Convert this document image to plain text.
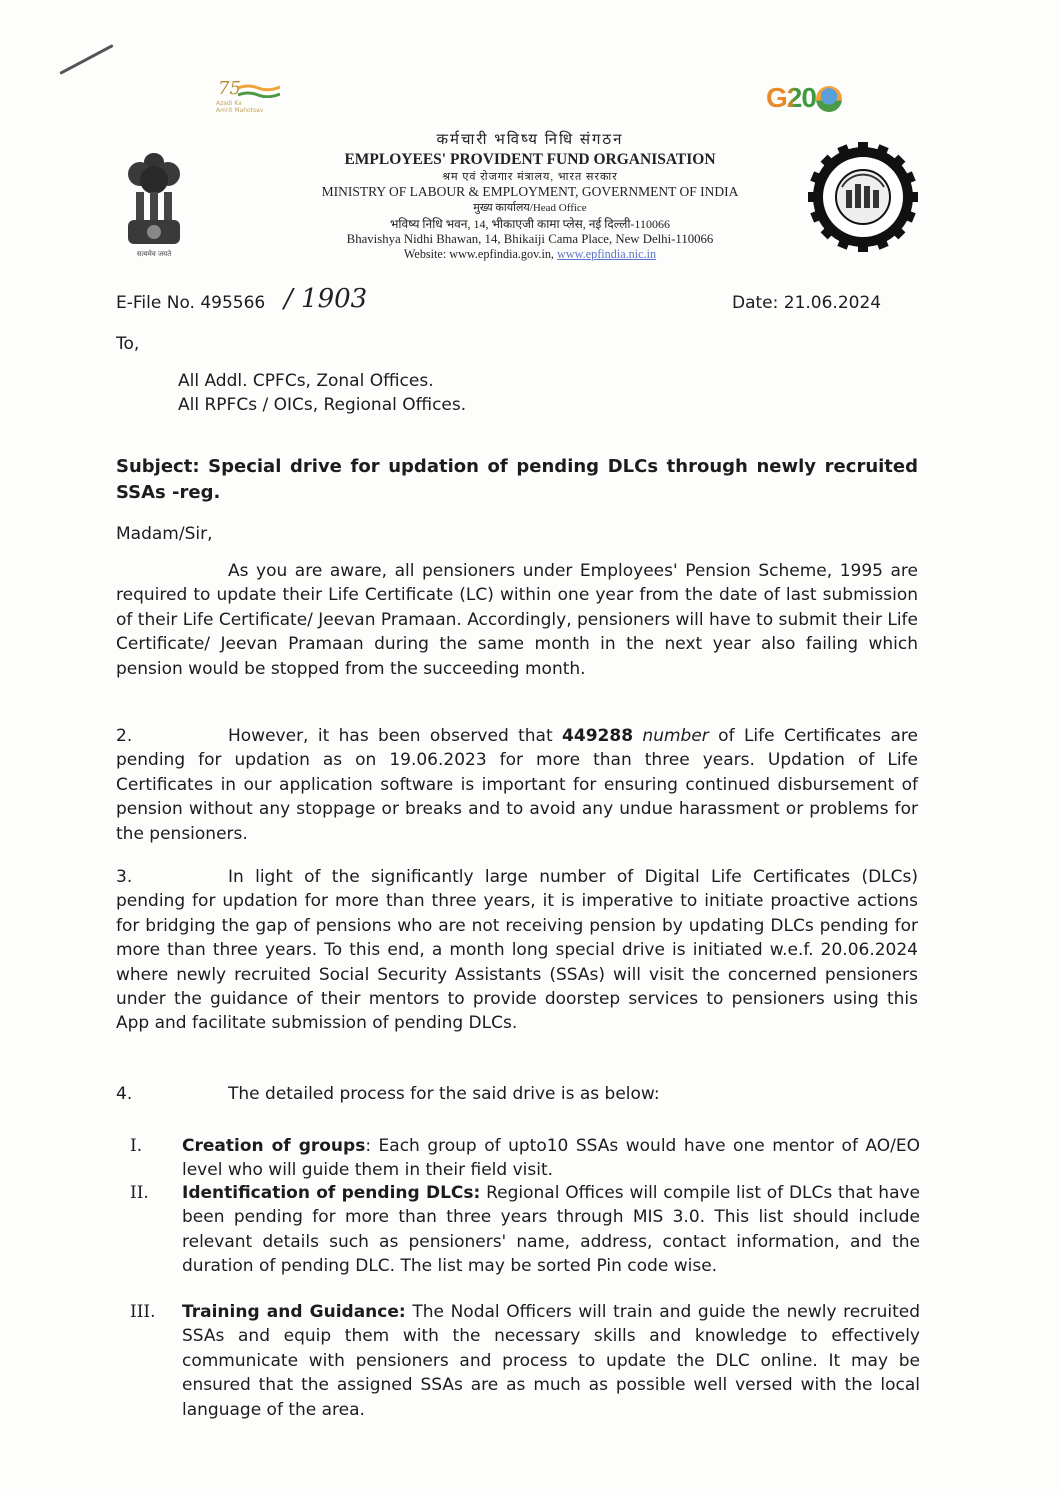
75
Azadi Ka
Amrit Mahotsav	G20
सत्यमेव जयते
कर्मचारी भविष्य निधि संगठन
EMPLOYEES' PROVIDENT FUND ORGANISATION
श्रम एवं रोजगार मंत्रालय, भारत सरकार
MINISTRY OF LABOUR & EMPLOYMENT, GOVERNMENT OF INDIA
मुख्य कार्यालय/Head Office
भविष्य निधि भवन, 14, भीकाएजी कामा प्लेस, नई दिल्ली-110066
Bhavishya Nidhi Bhawan, 14, Bhikaiji Cama Place, New Delhi-110066
Website: www.epfindia.gov.in, www.epfindia.nic.in
E-File No. 495566 / 1903	Date: 21.06.2024
To,
All Addl. CPFCs, Zonal Offices.
All RPFCs / OICs, Regional Offices.
Subject: Special drive for updation of pending DLCs through newly recruited SSAs -reg.
Madam/Sir,
As you are aware, all pensioners under Employees' Pension Scheme, 1995 are required to update their Life Certificate (LC) within one year from the date of last submission of their Life Certificate/ Jeevan Pramaan. Accordingly, pensioners will have to submit their Life Certificate/ Jeevan Pramaan during the same month in the next year also failing which pension would be stopped from the succeeding month.
2.	However, it has been observed that 449288 number of Life Certificates are pending for updation as on 19.06.2023 for more than three years. Updation of Life Certificates in our application software is important for ensuring continued disbursement of pension without any stoppage or breaks and to avoid any undue harassment or problems for the pensioners.
3.	In light of the significantly large number of Digital Life Certificates (DLCs) pending for updation for more than three years, it is imperative to initiate proactive actions for bridging the gap of pensions who are not receiving pension by updating DLCs pending for more than three years. To this end, a month long special drive is initiated w.e.f. 20.06.2024 where newly recruited Social Security Assistants (SSAs) will visit the concerned pensioners under the guidance of their mentors to provide doorstep services to pensioners using this App and facilitate submission of pending DLCs.
4.	The detailed process for the said drive is as below:
I. Creation of groups: Each group of upto10 SSAs would have one mentor of AO/EO level who will guide them in their field visit.
II. Identification of pending DLCs: Regional Offices will compile list of DLCs that have been pending for more than three years through MIS 3.0. This list should include relevant details such as pensioners' name, address, contact information, and the duration of pending DLC. The list may be sorted Pin code wise.
III. Training and Guidance: The Nodal Officers will train and guide the newly recruited SSAs and equip them with the necessary skills and knowledge to effectively communicate with pensioners and process to update the DLC online. It may be ensured that the assigned SSAs are as much as possible well versed with the local language of the area.
